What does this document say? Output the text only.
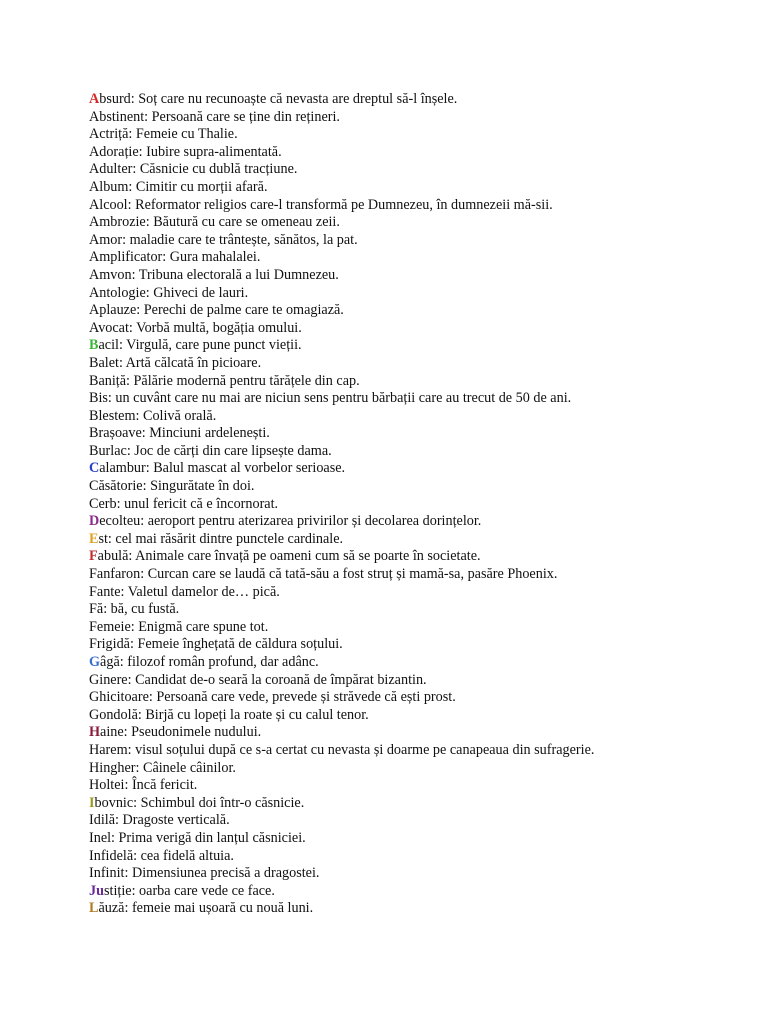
Absurd: Soț care nu recunoaște că nevasta are dreptul să-l înșele.
Abstinent: Persoană care se ține din rețineri.
Actriță: Femeie cu Thalie.
Adorație: Iubire supra-alimentată.
Adulter: Căsnicie cu dublă tracțiune.
Album: Cimitir cu morții afară.
Alcool: Reformator religios care-l transformă pe Dumnezeu, în dumnezeii mă-sii.
Ambrozie: Băutură cu care se omeneau zeii.
Amor: maladie care te trântește, sănătos, la pat.
Amplificator: Gura mahalalei.
Amvon: Tribuna electorală a lui Dumnezeu.
Antologie: Ghiveci de lauri.
Aplauze: Perechi de palme care te omagiază.
Avocat: Vorbă multă, bogăția omului.
Bacil: Virgulă, care pune punct vieții.
Balet: Artă călcată în picioare.
Baniță: Pălărie modernă pentru tărățele din cap.
Bis: un cuvânt care nu mai are niciun sens pentru bărbații care au trecut de 50 de ani.
Blestem: Colivă orală.
Brașoave: Minciuni ardelenești.
Burlac: Joc de cărți din care lipsește dama.
Calambur: Balul mascat al vorbelor serioase.
Căsătorie: Singurătate în doi.
Cerb: unul fericit că e încornorat.
Decolteu: aeroport pentru aterizarea privirilor și decolarea dorințelor.
Est: cel mai răsărit dintre punctele cardinale.
Fabulă: Animale care învață pe oameni cum să se poarte în societate.
Fanfaron: Curcan care se laudă că tată-său a fost struț și mamă-sa, pasăre Phoenix.
Fante: Valetul damelor de… pică.
Fă: bă, cu fustă.
Femeie: Enigmă care spune tot.
Frigidă: Femeie înghețată de căldura soțului.
Gâgă: filozof român profund, dar adânc.
Ginere: Candidat de-o seară la coroană de împărat bizantin.
Ghicitoare: Persoană care vede, prevede și străvede că ești prost.
Gondolă: Birjă cu lopeți la roate și cu calul tenor.
Haine: Pseudonimele nudului.
Harem: visul soțului după ce s-a certat cu nevasta și doarme pe canapeaua din sufragerie.
Hingher: Câinele câinilor.
Holtei: Încă fericit.
Ibovnic: Schimbul doi într-o căsnicie.
Idilă: Dragoste verticală.
Inel: Prima verigă din lanțul căsniciei.
Infidelă: cea fidelă altuia.
Infinit: Dimensiunea precisă a dragostei.
Justiție: oarba care vede ce face.
Lăuză: femeie mai ușoară cu nouă luni.
